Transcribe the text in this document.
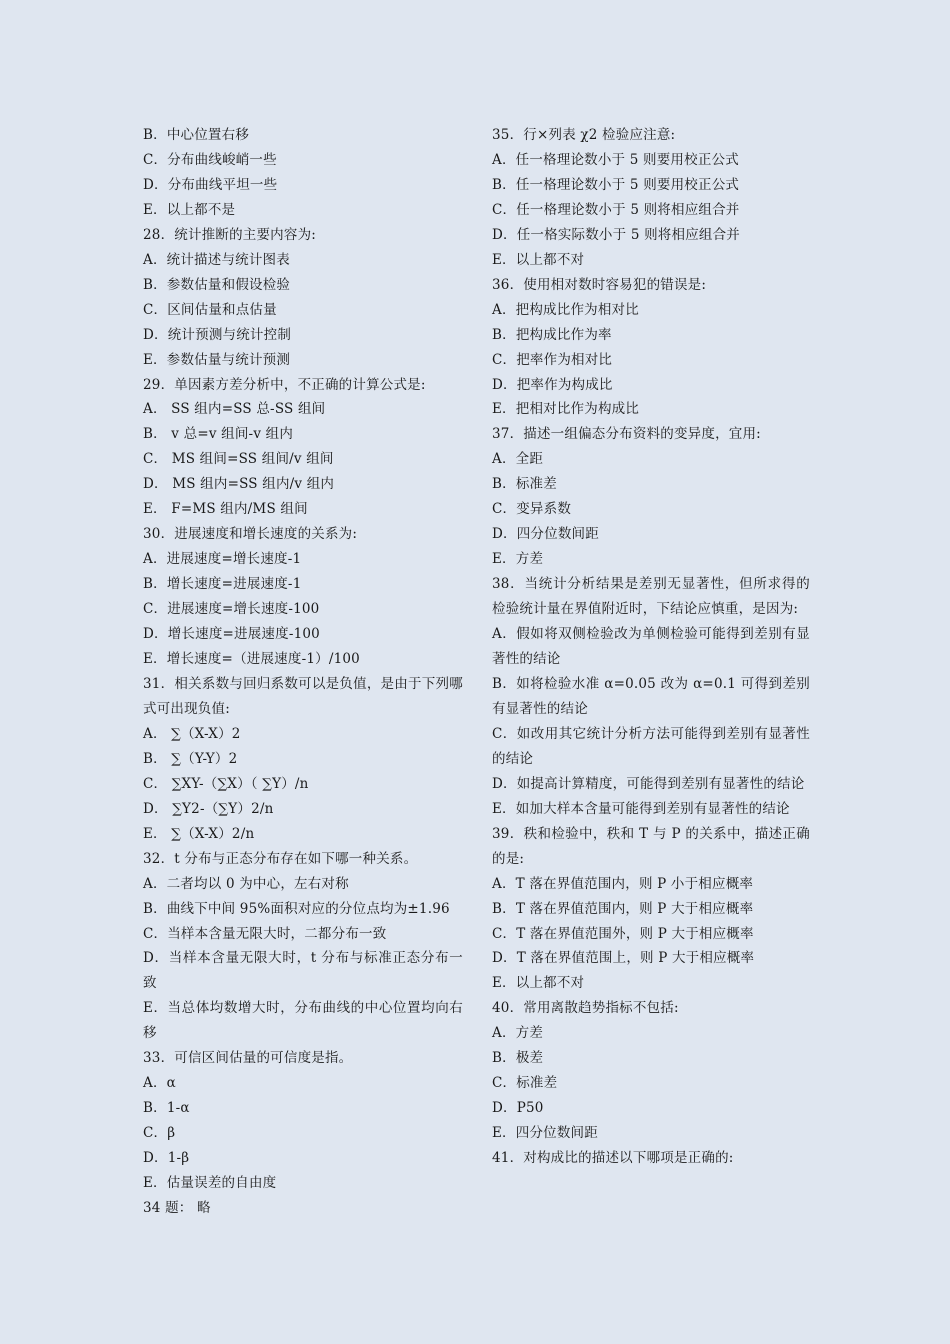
B．中心位置右移
C．分布曲线峻峭一些
D．分布曲线平坦一些
E．以上都不是
28．统计推断的主要内容为:
A．统计描述与统计图表
B．参数估量和假设检验
C．区间估量和点估量
D．统计预测与统计控制
E．参数估量与统计预测
29．单因素方差分析中，不正确的计算公式是:
A． SS 组内=SS 总-SS 组间
B． v 总=v 组间-v 组内
C． MS 组间=SS 组间/v 组间
D． MS 组内=SS 组内/v 组内
E． F=MS 组内/MS 组间
30．进展速度和增长速度的关系为:
A．进展速度=增长速度-1
B．增长速度=进展速度-1
C．进展速度=增长速度-100
D．增长速度=进展速度-100
E．增长速度=（进展速度-1）/100
31．相关系数与回归系数可以是负值，是由于下列哪式可出现负值:
A． ∑（X-X）2
B． ∑（Y-Y）2
C． ∑XY-（∑X）（ ∑Y）/n
D． ∑Y2-（∑Y）2/n
E． ∑（X-X）2/n
32．t 分布与正态分布存在如下哪一种关系。
A．二者均以 0 为中心，左右对称
B．曲线下中间 95%面积对应的分位点均为±1.96
C．当样本含量无限大时，二都分布一致
D．当样本含量无限大时，t 分布与标准正态分布一致
E．当总体均数增大时，分布曲线的中心位置均向右移
33．可信区间估量的可信度是指。
A．α
B．1-α
C．β
D．1-β
E．估量误差的自由度
34 题： 略
35．行×列表 χ2 检验应注意:
A．任一格理论数小于 5 则要用校正公式
B．任一格理论数小于 5 则要用校正公式
C．任一格理论数小于 5 则将相应组合并
D．任一格实际数小于 5 则将相应组合并
E．以上都不对
36．使用相对数时容易犯的错误是:
A．把构成比作为相对比
B．把构成比作为率
C．把率作为相对比
D．把率作为构成比
E．把相对比作为构成比
37．描述一组偏态分布资料的变异度，宜用:
A．全距
B．标准差
C．变异系数
D．四分位数间距
E．方差
38．当统计分析结果是差别无显著性，但所求得的检验统计量在界值附近时，下结论应慎重，是因为:
A．假如将双侧检验改为单侧检验可能得到差别有显著性的结论
B．如将检验水准 α=0.05 改为 α=0.1 可得到差别有显著性的结论
C．如改用其它统计分析方法可能得到差别有显著性的结论
D．如提高计算精度，可能得到差别有显著性的结论
E．如加大样本含量可能得到差别有显著性的结论
39．秩和检验中，秩和 T 与 P 的关系中，描述正确的是:
A．T 落在界值范围内，则 P 小于相应概率
B．T 落在界值范围内，则 P 大于相应概率
C．T 落在界值范围外，则 P 大于相应概率
D．T 落在界值范围上，则 P 大于相应概率
E．以上都不对
40．常用离散趋势指标不包括:
A．方差
B．极差
C．标准差
D．P50
E．四分位数间距
41．对构成比的描述以下哪项是正确的:
